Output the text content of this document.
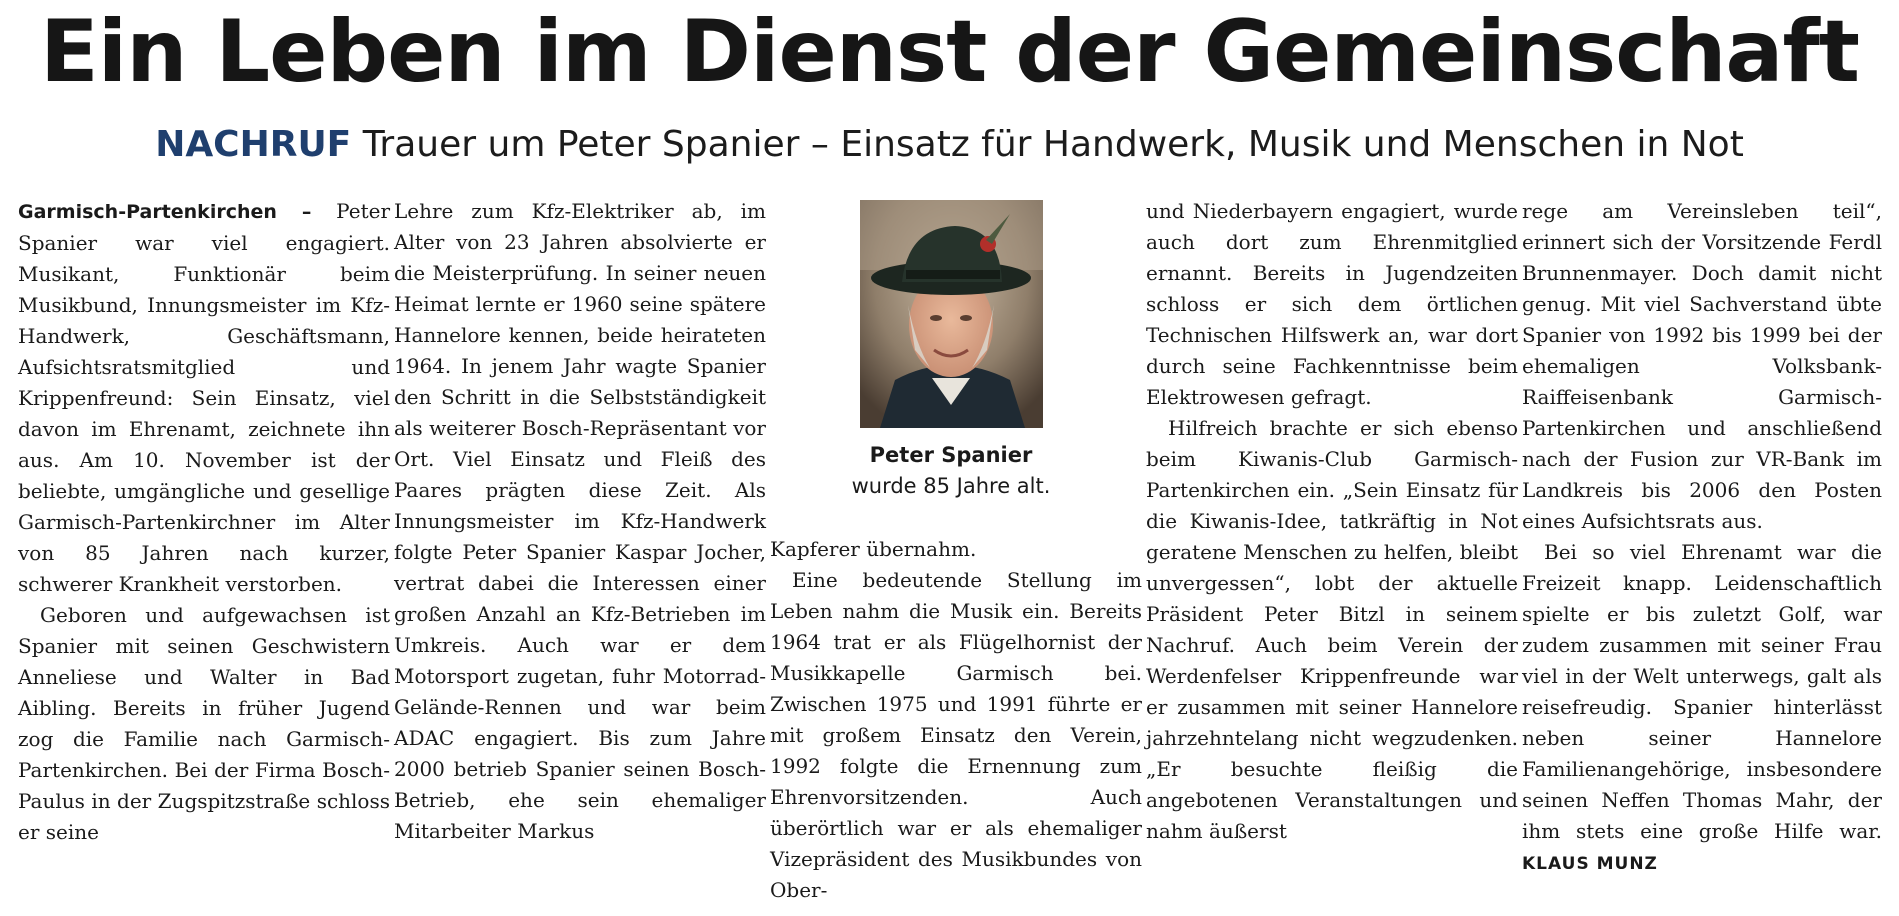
Ein Leben im Dienst der Gemeinschaft
NACHRUF Trauer um Peter Spanier – Einsatz für Handwerk, Musik und Menschen in Not

Garmisch-Partenkirchen – Peter Spanier war viel engagiert. Musikant, Funktionär beim Musikbund, Innungsmeister im Kfz-Handwerk, Geschäftsmann, Aufsichtsratsmitglied und Krippenfreund: Sein Einsatz, viel davon im Ehrenamt, zeichnete ihn aus. Am 10. November ist der beliebte, umgängliche und gesellige Garmisch-Partenkirchner im Alter von 85 Jahren nach kurzer, schwerer Krankheit verstorben.

Geboren und aufgewachsen ist Spanier mit seinen Geschwistern Anneliese und Walter in Bad Aibling. Bereits in früher Jugend zog die Familie nach Garmisch-Partenkirchen. Bei der Firma Bosch-Paulus in der Zugspitzstraße schloss er seine

Lehre zum Kfz-Elektriker ab, im Alter von 23 Jahren absolvierte er die Meisterprüfung. In seiner neuen Heimat lernte er 1960 seine spätere Hannelore kennen, beide heirateten 1964. In jenem Jahr wagte Spanier den Schritt in die Selbstständigkeit als weiterer Bosch-Repräsentant vor Ort. Viel Einsatz und Fleiß des Paares prägten diese Zeit. Als Innungsmeister im Kfz-Handwerk folgte Peter Spanier Kaspar Jocher, vertrat dabei die Interessen einer großen Anzahl an Kfz-Betrieben im Umkreis. Auch war er dem Motorsport zugetan, fuhr Motorrad-Gelände-Rennen und war beim ADAC engagiert. Bis zum Jahre 2000 betrieb Spanier seinen Bosch-Betrieb, ehe sein ehemaliger Mitarbeiter Markus

Peter Spanier
wurde 85 Jahre alt.

Kapferer übernahm.

Eine bedeutende Stellung im Leben nahm die Musik ein. Bereits 1964 trat er als Flügelhornist der Musikkapelle Garmisch bei. Zwischen 1975 und 1991 führte er mit großem Einsatz den Verein, 1992 folgte die Ernennung zum Ehrenvorsitzenden. Auch überörtlich war er als ehemaliger Vizepräsident des Musikbundes von Ober-

und Niederbayern engagiert, wurde auch dort zum Ehrenmitglied ernannt. Bereits in Jugendzeiten schloss er sich dem örtlichen Technischen Hilfswerk an, war dort durch seine Fachkenntnisse beim Elektrowesen gefragt.

Hilfreich brachte er sich ebenso beim Kiwanis-Club Garmisch-Partenkirchen ein. „Sein Einsatz für die Kiwanis-Idee, tatkräftig in Not geratene Menschen zu helfen, bleibt unvergessen“, lobt der aktuelle Präsident Peter Bitzl in seinem Nachruf. Auch beim Verein der Werdenfelser Krippenfreunde war er zusammen mit seiner Hannelore jahrzehntelang nicht wegzudenken. „Er besuchte fleißig die angebotenen Veranstaltungen und nahm äußerst

rege am Vereinsleben teil“, erinnert sich der Vorsitzende Ferdl Brunnenmayer. Doch damit nicht genug. Mit viel Sachverstand übte Spanier von 1992 bis 1999 bei der ehemaligen Volksbank-Raiffeisenbank Garmisch-Partenkirchen und anschließend nach der Fusion zur VR-Bank im Landkreis bis 2006 den Posten eines Aufsichtsrats aus.

Bei so viel Ehrenamt war die Freizeit knapp. Leidenschaftlich spielte er bis zuletzt Golf, war zudem zusammen mit seiner Frau viel in der Welt unterwegs, galt als reisefreudig. Spanier hinterlässt neben seiner Hannelore Familienangehörige, insbesondere seinen Neffen Thomas Mahr, der ihm stets eine große Hilfe war. KLAUS MUNZ
